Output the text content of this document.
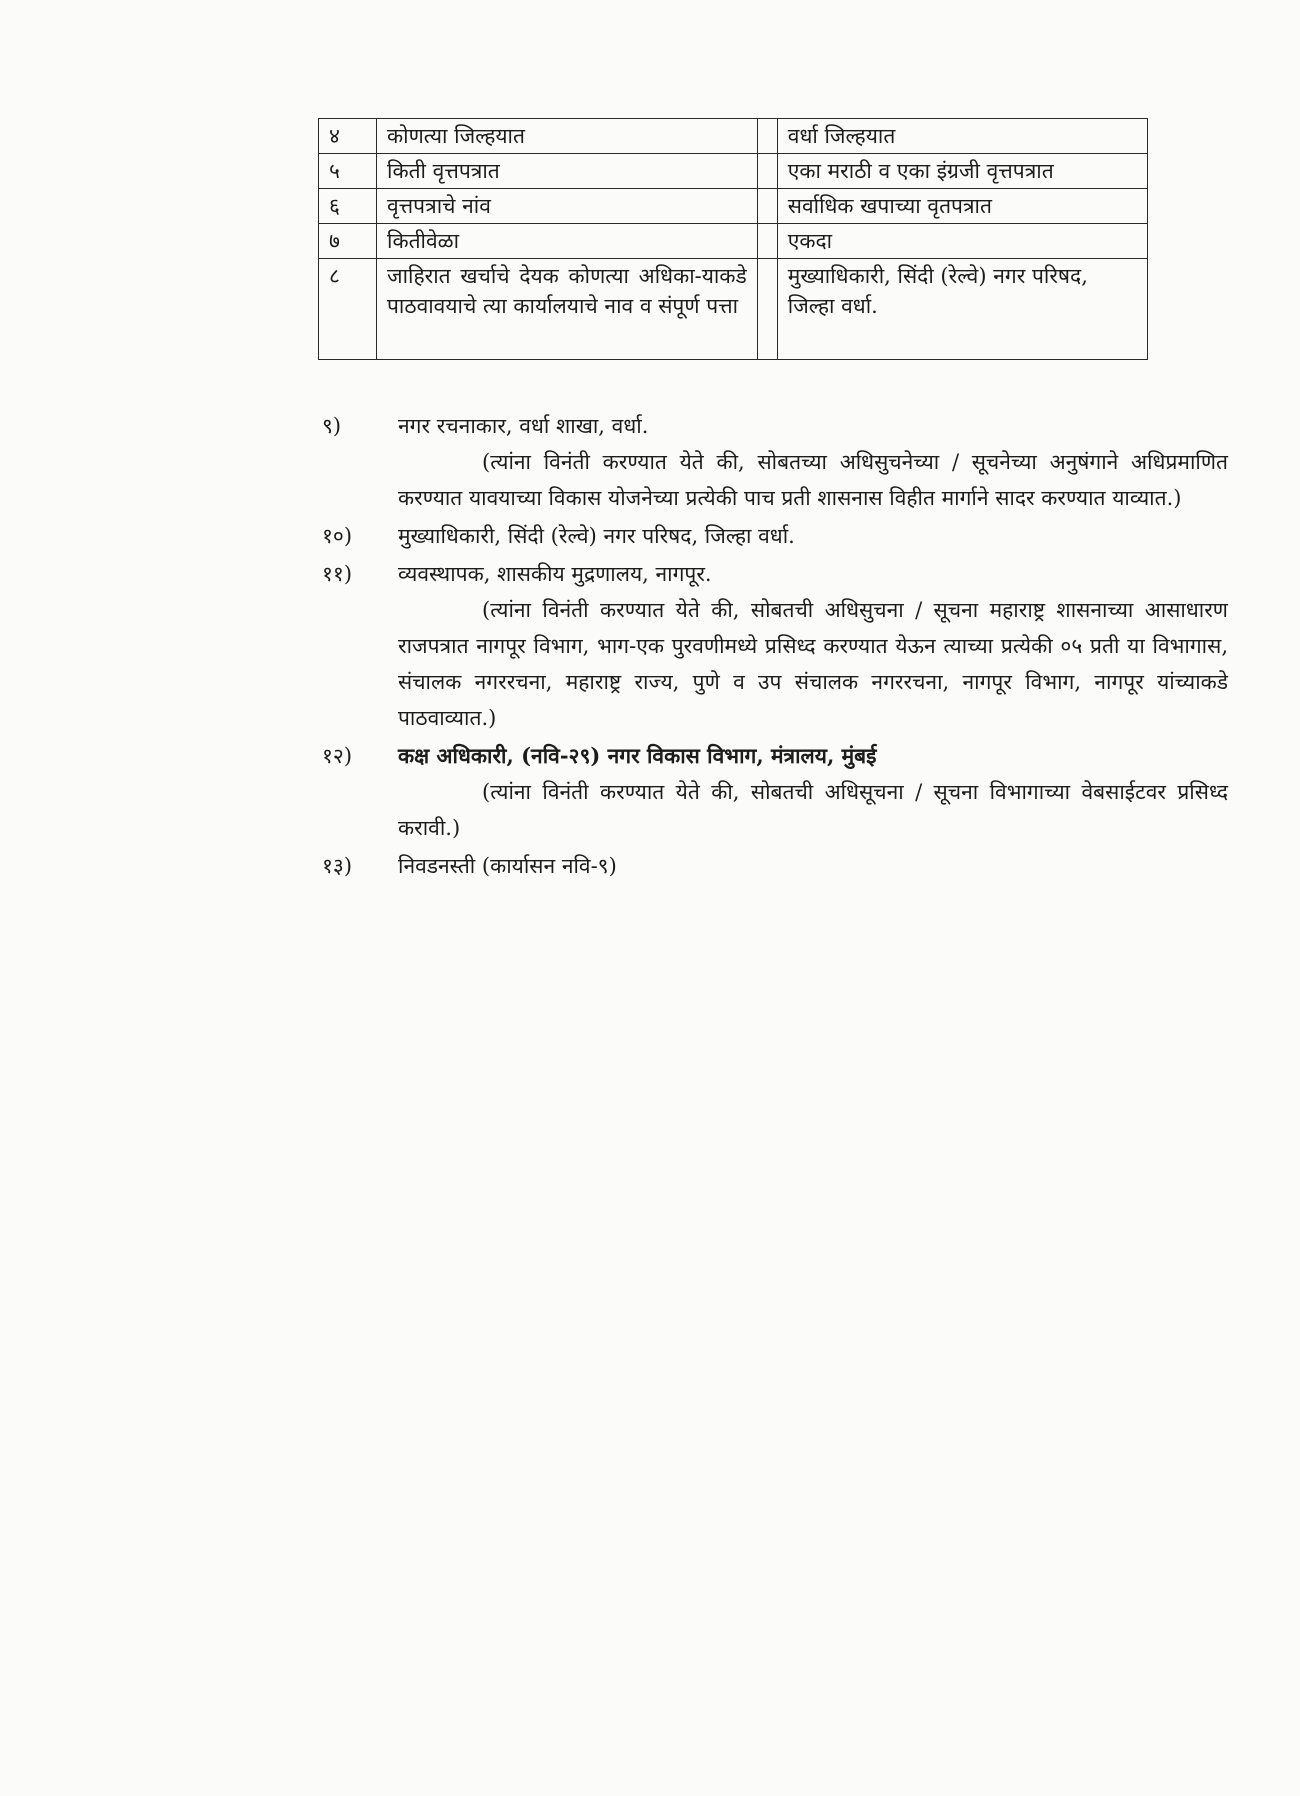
४	कोणत्या जिल्हयात		वर्धा जिल्हयात
५	किती वृत्तपत्रात		एका मराठी व एका इंग्रजी वृत्तपत्रात
६	वृत्तपत्राचे नांव		सर्वाधिक खपाच्या वृतपत्रात
७	कितीवेळा		एकदा
८	जाहिरात खर्चाचे देयक कोणत्या अधिका-याकडे पाठवावयाचे त्या कार्यालयाचे नाव व संपूर्ण पत्ता		मुख्याधिकारी, सिंदी (रेल्वे) नगर परिषद, जिल्हा वर्धा.
९)	नगर रचनाकार, वर्धा शाखा, वर्धा.

(त्यांना विनंती करण्यात येते की, सोबतच्या अधिसुचनेच्या / सूचनेच्या अनुषंगाने अधिप्रमाणित करण्यात यावयाच्या विकास योजनेच्या प्रत्येकी पाच प्रती शासनास विहीत मार्गाने सादर करण्यात याव्यात.)

१०)	मुख्याधिकारी, सिंदी (रेल्वे) नगर परिषद, जिल्हा वर्धा.
११)	व्यवस्थापक, शासकीय मुद्रणालय, नागपूर.

(त्यांना विनंती करण्यात येते की, सोबतची अधिसुचना / सूचना महाराष्ट्र शासनाच्या आसाधारण राजपत्रात नागपूर विभाग, भाग-एक पुरवणीमध्ये प्रसिध्द करण्यात येऊन त्याच्या प्रत्येकी ०५ प्रती या विभागास, संचालक नगररचना, महाराष्ट्र राज्य, पुणे व उप संचालक नगररचना, नागपूर विभाग, नागपूर यांच्याकडे पाठवाव्यात.)

१२)	कक्ष अधिकारी, (नवि-२९) नगर विकास विभाग, मंत्रालय, मुंबई

(त्यांना विनंती करण्यात येते की, सोबतची अधिसूचना / सूचना विभागाच्या वेबसाईटवर प्रसिध्द करावी.)

१३)	निवडनस्ती (कार्यासन नवि-९)
